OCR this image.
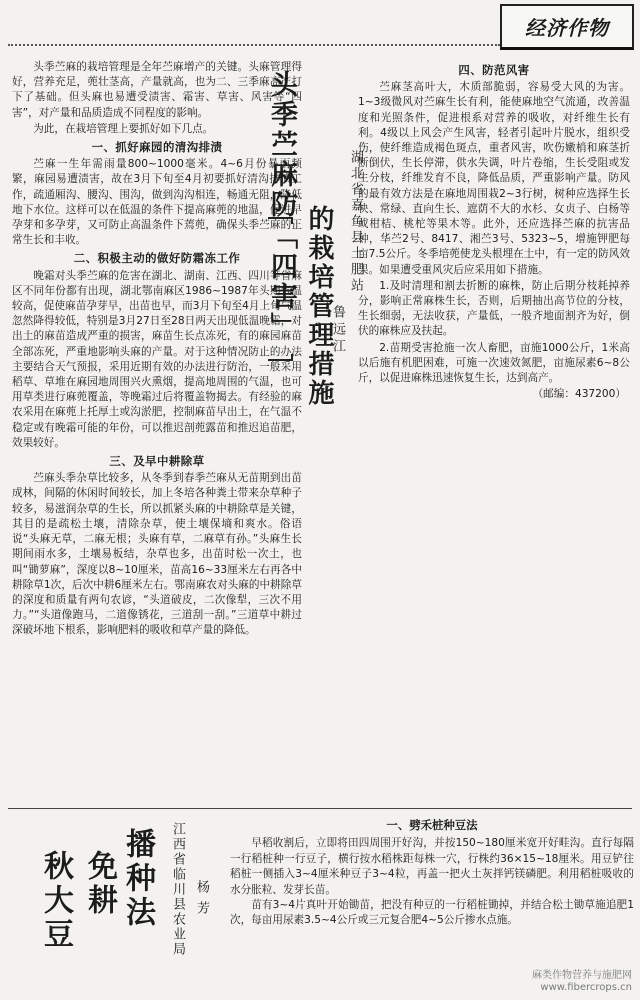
经济作物

头季苎麻的栽培管理是全年苎麻增产的关键。头麻管理得好，营养充足，蔸壮茎高，产量就高，也为二、三季麻高产打下了基础。但头麻也易遭受渍害、霜害、草害、风害等“四害”，对产量和品质造成不同程度的影响。

为此，在栽培管理上要抓好如下几点。

一、抓好麻园的清沟排渍

苎麻一生年需雨量800~1000毫米。4~6月份暴雨频繁，麻园易遭渍害，故在3月下旬至4月初要抓好清沟排渍工作，疏通厢沟、腰沟、围沟，做到沟沟相连，畅通无阻，降低地下水位。这样可以在低温的条件下提高麻蔸的地温，促进早孕芽和多孕芽，又可防止高温条件下蔫蔸，确保头季苎麻的正常生长和丰收。

二、积极主动的做好防霜冻工作

晚霜对头季苎麻的危害在湖北、湖南、江西、四川等省麻区不同年份都有出现，湖北鄂南麻区1986~1987年头期气温较高，促使麻苗孕芽早，出苗也早，而3月下旬至4月上旬气温忽然降得较低，特别是3月27日至28日两天出现低温晚霜，对出土的麻苗造成严重的损害，麻苗生长点冻死，有的麻园麻苗全部冻死，严重地影响头麻的产量。对于这种情况防止的办法主要结合天气预报，采用近期有效的办法进行防治，一般采用稻草、草堆在麻园地周围兴火熏烟，提高地周围的气温，也可用草类进行麻蔸覆盖，等晚霜过后将覆盖物揭去。有经验的麻农采用在麻蔸上托厚土或沟淤肥，控制麻苗早出土，在气温不稳定或有晚霜可能的年份，可以推迟剖蔸露苗和推迟追苗肥，效果较好。

三、及早中耕除草

苎麻头季杂草比较多，从冬季到春季苎麻从无苗期到出苗成林，间隔的休闲时间较长，加上冬培各种粪土带来杂草种子较多，易滋润杂草的生长，所以抓紧头麻的中耕除草是关键，其目的是疏松土壤，清除杂草，使土壤保墒和爽水。俗语说“头麻无草，二麻无根；头麻有草，二麻草有孙。”头麻生长期间雨水多，土壤易板结，杂草也多，出苗时松一次土，也叫“锄萝麻”，深度以8~10厘米，苗高16~33厘米左右再各中耕除草1次，后次中耕6厘米左右。鄂南麻农对头麻的中耕除草的深度和质量有两句农谚，“头道破皮，二次像犁，三次不用力。”“头道像跑马，二道像锈花，三道刮一刮。”三道草中耕过深破坏地下根系，影响肥料的吸收和草产量的降低。

头季苎麻防
「四害」 的栽培管理措施 湖北省嘉鱼县土肥站
鲁远江
四、防范风害

苎麻茎高叶大，木质部脆弱，容易受大风的为害。1~3级微风对苎麻生长有利，能使麻地空气流通，改善温度和光照条件，促进根系对营养的吸收，对纤维生长有利。4级以上风会产生风害，轻者引起叶片脱水，组织受伤，使纤维造成褐色斑点，重者风害，吹伤嫩梢和麻茎折断倒伏，生长停滞，供水失调，叶片卷缩，生长受阻或发生分枝，纤维发育不良，降低品质，严重影响产量。防风的最有效方法是在麻地周围栽2~3行树，树种应选择生长快、常绿、直向生长、遮荫不大的水杉、女贞子、白杨等或柑桔、桃柁等果木等。此外，还应选择苎麻的抗害品种，华苎2号、8417、湘苎3号、5323~5，增施钾肥每亩7.5公斤。冬季培蔸使龙头根埋在土中，有一定的防风效果。如果遭受重风灾后应采用如下措施。

1.及时清理和割去折断的麻株，防止后期分枝耗掉养分，影响正常麻株生长，否则，后期抽出高节位的分枝，生长细弱，无法收获，产量低，一般齐地面割齐为好，倒伏的麻株应及扶起。

2.苗期受害抢施一次人畜肥，亩施1000公斤，1米高以后施有机肥困难，可施一次速效氮肥，亩施尿素6~8公斤，以促进麻株迅速恢复生长，达到高产。

（邮编：437200）
播种法
免耕
秋大豆	江西省临川县农业局 杨芳
一、劈禾桩种豆法

早稻收割后，立即将田四周围开好沟，并按150~180厘米宽开好畦沟。直行每隔一行稻桩种一行豆子，横行按水稻株距每株一穴，行株约36×15~18厘米。用豆铲往稻桩一侧插入3~4厘米种豆子3~4粒，再盖一把火土灰拌钙镁磷肥。利用稻桩吸收的水分胀粒、发芽长苗。

苗有3~4片真叶开始锄苗，把没有种豆的一行稻桩锄掉，并结合松土锄草施追肥1次，每亩用尿素3.5~4公斤或三元复合肥4~5公斤掺水点施。

麻类作物营养与施肥网
www.fibercrops.cn
